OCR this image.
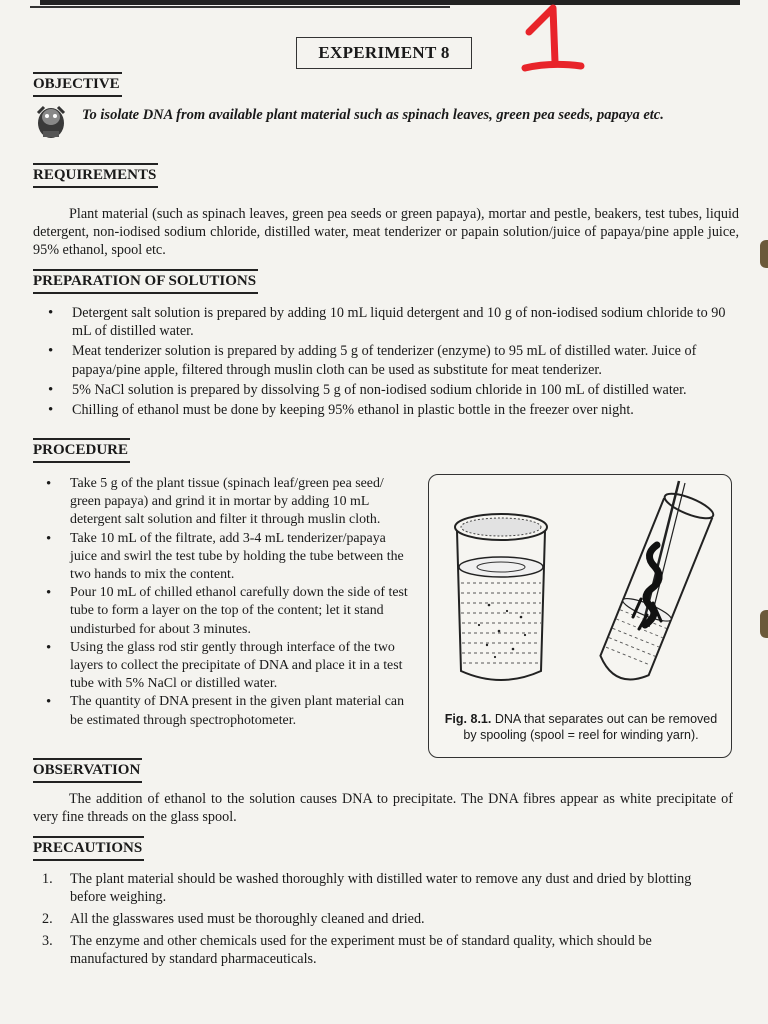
EXPERIMENT 8
OBJECTIVE
To isolate DNA from available plant material such as spinach leaves, green pea seeds, papaya etc.
REQUIREMENTS
Plant material (such as spinach leaves, green pea seeds or green papaya), mortar and pestle, beakers, test tubes, liquid detergent, non-iodised sodium chloride, distilled water, meat tenderizer or papain solution/juice of papaya/pine apple juice, 95% ethanol, spool etc.
PREPARATION OF SOLUTIONS
• Detergent salt solution is prepared by adding 10 mL liquid detergent and 10 g of non-iodised sodium chloride to 90 mL of distilled water.
• Meat tenderizer solution is prepared by adding 5 g of tenderizer (enzyme) to 95 mL of distilled water. Juice of papaya/pine apple, filtered through muslin cloth can be used as substitute for meat tenderizer.
• 5% NaCl solution is prepared by dissolving 5 g of non-iodised sodium chloride in 100 mL of distilled water.
• Chilling of ethanol must be done by keeping 95% ethanol in plastic bottle in the freezer over night.
PROCEDURE
• Take 5 g of the plant tissue (spinach leaf/green pea seed/ green papaya) and grind it in mortar by adding 10 mL detergent salt solution and filter it through muslin cloth.
• Take 10 mL of the filtrate, add 3-4 mL tenderizer/papaya juice and swirl the test tube by holding the tube between the two hands to mix the content.
• Pour 10 mL of chilled ethanol carefully down the side of test tube to form a layer on the top of the content; let it stand undisturbed for about 3 minutes.
• Using the glass rod stir gently through interface of the two layers to collect the precipitate of DNA and place it in a test tube with 5% NaCl or distilled water.
• The quantity of DNA present in the given plant material can be estimated through spectrophotometer.	Fig. 8.1. DNA that separates out can be removed by spooling (spool = reel for winding yarn).
OBSERVATION
The addition of ethanol to the solution causes DNA to precipitate. The DNA fibres appear as white precipitate of very fine threads on the glass spool.
PRECAUTIONS
1. The plant material should be washed thoroughly with distilled water to remove any dust and dried by blotting before weighing.
2. All the glasswares used must be thoroughly cleaned and dried.
3. The enzyme and other chemicals used for the experiment must be of standard quality, which should be manufactured by standard pharmaceuticals.
